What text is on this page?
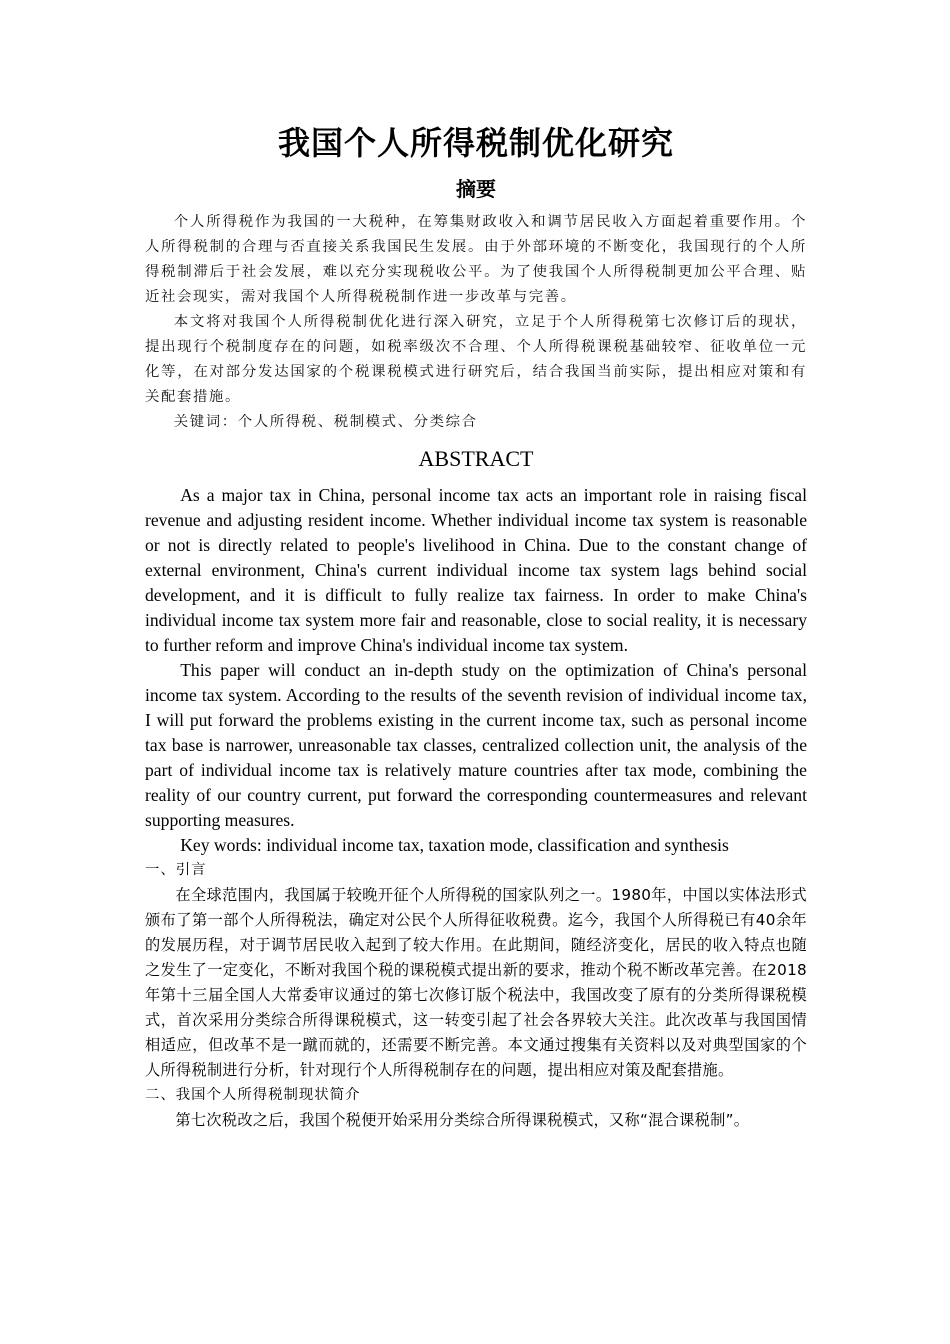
我国个人所得税制优化研究
摘要

个人所得税作为我国的一大税种，在筹集财政收入和调节居民收入方面起着重要作用。个人所得税制的合理与否直接关系我国民生发展。由于外部环境的不断变化，我国现行的个人所得税制滞后于社会发展，难以充分实现税收公平。为了使我国个人所得税制更加公平合理、贴近社会现实，需对我国个人所得税税制作进一步改革与完善。

本文将对我国个人所得税制优化进行深入研究，立足于个人所得税第七次修订后的现状，提出现行个税制度存在的问题，如税率级次不合理、个人所得税课税基础较窄、征收单位一元化等，在对部分发达国家的个税课税模式进行研究后，结合我国当前实际，提出相应对策和有关配套措施。

关键词：个人所得税、税制模式、分类综合

ABSTRACT

As a major tax in China, personal income tax acts an important role in raising fiscal revenue and adjusting resident income. Whether individual income tax system is reasonable or not is directly related to people's livelihood in China. Due to the constant change of external environment, China's current individual income tax system lags behind social development, and it is difficult to fully realize tax fairness. In order to make China's individual income tax system more fair and reasonable, close to social reality, it is necessary to further reform and improve China's individual income tax system.

This paper will conduct an in-depth study on the optimization of China's personal income tax system. According to the results of the seventh revision of individual income tax, I will put forward the problems existing in the current income tax, such as personal income tax base is narrower, unreasonable tax classes, centralized collection unit, the analysis of the part of individual income tax is relatively mature countries after tax mode, combining the reality of our country current, put forward the corresponding countermeasures and relevant supporting measures.

Key words: individual income tax, taxation mode, classification and synthesis

一、引言

在全球范围内，我国属于较晚开征个人所得税的国家队列之一。1980年，中国以实体法形式颁布了第一部个人所得税法，确定对公民个人所得征收税费。迄今，我国个人所得税已有40余年的发展历程，对于调节居民收入起到了较大作用。在此期间，随经济变化，居民的收入特点也随之发生了一定变化，不断对我国个税的课税模式提出新的要求，推动个税不断改革完善。在2018年第十三届全国人大常委审议通过的第七次修订版个税法中，我国改变了原有的分类所得课税模式，首次采用分类综合所得课税模式，这一转变引起了社会各界较大关注。此次改革与我国国情相适应，但改革不是一蹴而就的，还需要不断完善。本文通过搜集有关资料以及对典型国家的个人所得税制进行分析，针对现行个人所得税制存在的问题，提出相应对策及配套措施。

二、我国个人所得税制现状简介

第七次税改之后，我国个税便开始采用分类综合所得课税模式，又称“混合课税制”。
